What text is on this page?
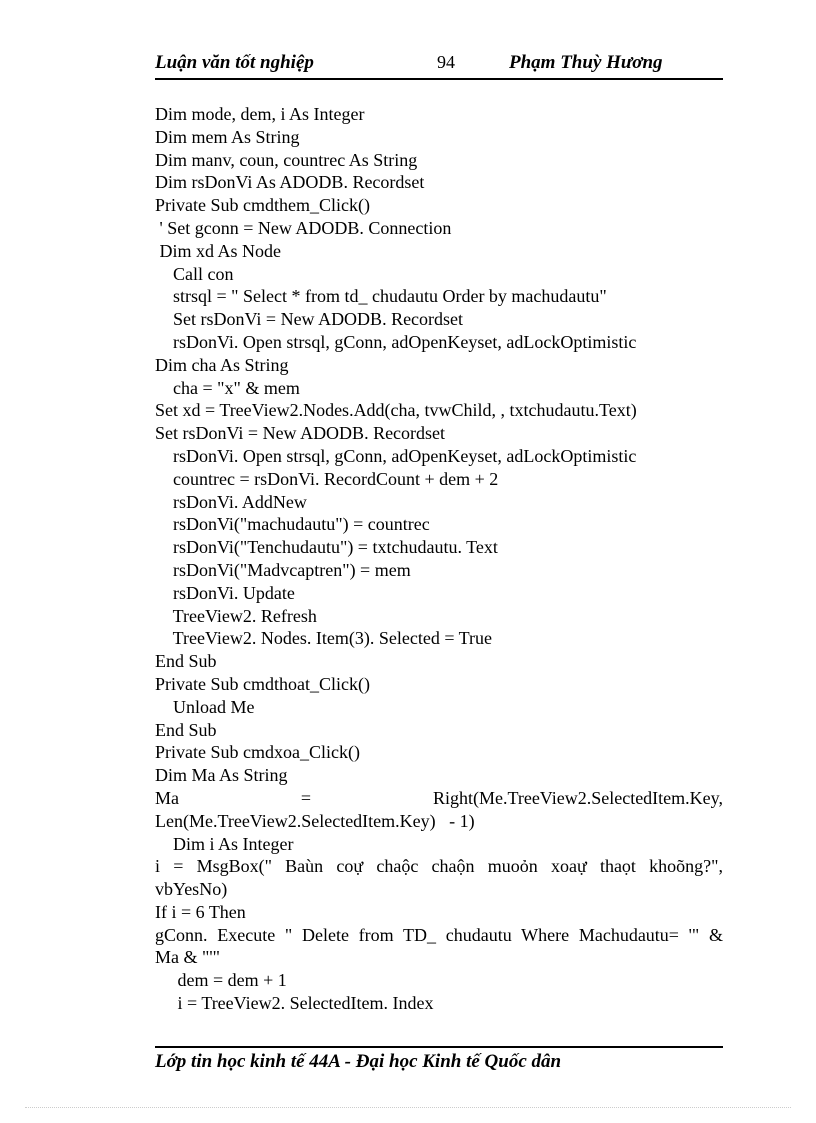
Luận văn tốt nghiệp	94	Phạm Thuỳ Hương
Dim mode, dem, i As Integer
Dim mem As String
Dim manv, coun, countrec As String
Dim rsDonVi As ADODB. Recordset
Private Sub cmdthem_Click()
' Set gconn = New ADODB. Connection
Dim xd As Node
Call con
strsql = " Select * from td_ chudautu Order by machudautu"
Set rsDonVi = New ADODB. Recordset
rsDonVi. Open strsql, gConn, adOpenKeyset, adLockOptimistic
Dim cha As String
cha = "x" & mem
Set xd = TreeView2.Nodes.Add(cha, tvwChild, , txtchudautu.Text)
Set rsDonVi = New ADODB. Recordset
rsDonVi. Open strsql, gConn, adOpenKeyset, adLockOptimistic
countrec = rsDonVi. RecordCount + dem + 2
rsDonVi. AddNew
rsDonVi("machudautu") = countrec
rsDonVi("Tenchudautu") = txtchudautu. Text
rsDonVi("Madvcaptren") = mem
rsDonVi. Update
TreeView2. Refresh
TreeView2. Nodes. Item(3). Selected = True
End Sub
Private Sub cmdthoat_Click()
Unload Me
End Sub
Private Sub cmdxoa_Click()
Dim Ma As String
Ma = Right(Me.TreeView2.SelectedItem.Key,
Len(Me.TreeView2.SelectedItem.Key)   - 1)
Dim i As Integer
i = MsgBox(" Baùn coự chaộc chaộn muoỏn xoaự thaọt khoõng?",
vbYesNo)
If i = 6 Then
gConn. Execute " Delete from TD_ chudautu Where Machudautu= '" &
Ma & "'"
dem = dem + 1
i = TreeView2. SelectedItem. Index
Lớp tin học kinh tế 44A - Đại học Kinh tế Quốc dân
